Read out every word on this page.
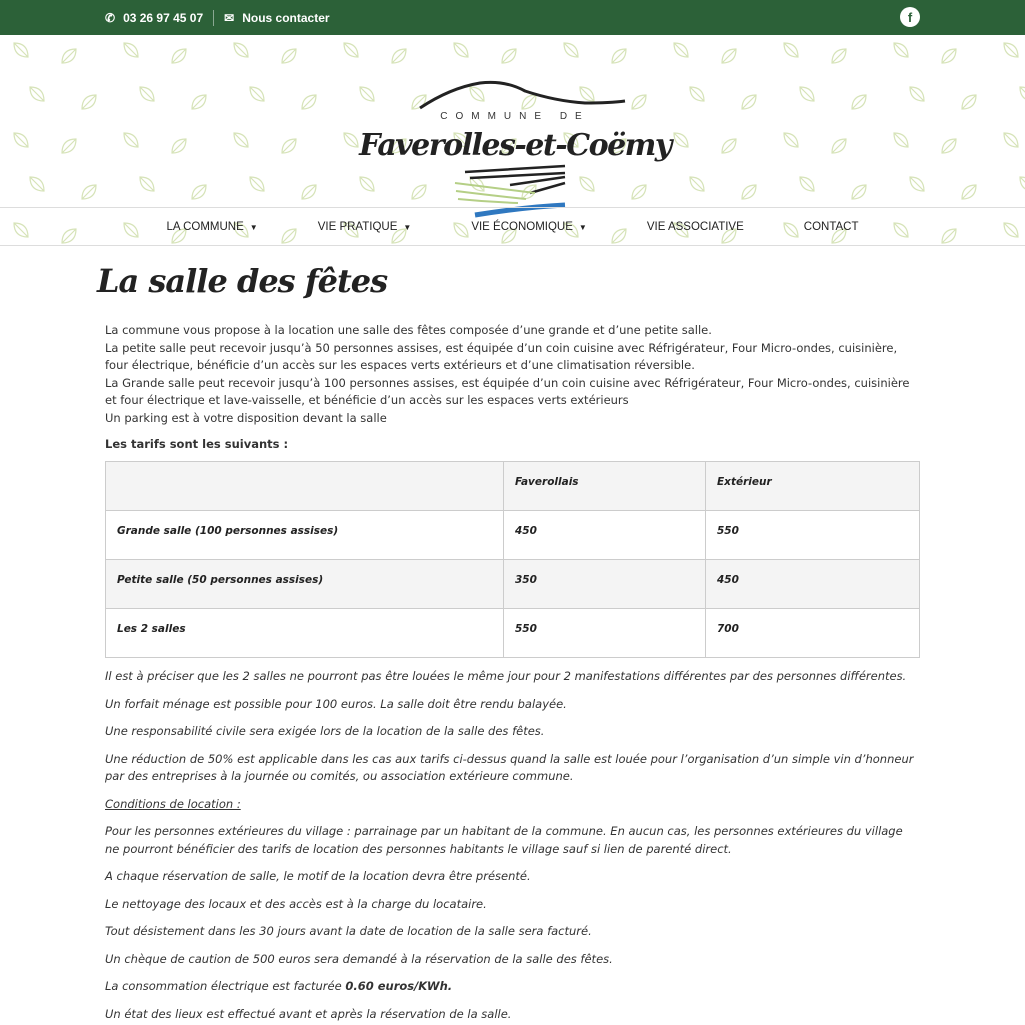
✆ 03 26 97 45 07 ✉ Nous contacter	f
COMMUNE DE
Faverolles-et-Coëmy
LA COMMUNE ▼	VIE PRATIQUE ▼	VIE ÉCONOMIQUE ▼	VIE ASSOCIATIVE	CONTACT
La salle des fêtes
La commune vous propose à la location une salle des fêtes composée d’une grande et d’une petite salle.
La petite salle peut recevoir jusqu’à 50 personnes assises, est équipée d’un coin cuisine avec Réfrigérateur, Four Micro-ondes, cuisinière, four électrique, bénéficie d’un accès sur les espaces verts extérieurs et d’une climatisation réversible.
La Grande salle peut recevoir jusqu’à 100 personnes assises, est équipée d’un coin cuisine avec Réfrigérateur, Four Micro-ondes, cuisinière et four électrique et lave-vaisselle, et bénéficie d’un accès sur les espaces verts extérieurs
Un parking est à votre disposition devant la salle
Les tarifs sont les suivants :
	Faverollais	Extérieur
Grande salle (100 personnes assises)	450	550
Petite salle (50 personnes assises)	350	450
Les 2 salles	550	700

Il est à préciser que les 2 salles ne pourront pas être louées le même jour pour 2 manifestations différentes par des personnes différentes.

Un forfait ménage est possible pour 100 euros. La salle doit être rendu balayée.

Une responsabilité civile sera exigée lors de la location de la salle des fêtes.

Une réduction de 50% est applicable dans les cas aux tarifs ci-dessus quand la salle est louée pour l’organisation d’un simple vin d’honneur par des entreprises à la journée ou comités, ou association extérieure commune.

Conditions de location :

Pour les personnes extérieures du village : parrainage par un habitant de la commune. En aucun cas, les personnes extérieures du village ne pourront bénéficier des tarifs de location des personnes habitants le village sauf si lien de parenté direct.

A chaque réservation de salle, le motif de la location devra être présenté.

Le nettoyage des locaux et des accès est à la charge du locataire.

Tout désistement dans les 30 jours avant la date de location de la salle sera facturé.

Un chèque de caution de 500 euros sera demandé à la réservation de la salle des fêtes.

La consommation électrique est facturée 0.60 euros/KWh.

Un état des lieux est effectué avant et après la réservation de la salle.
